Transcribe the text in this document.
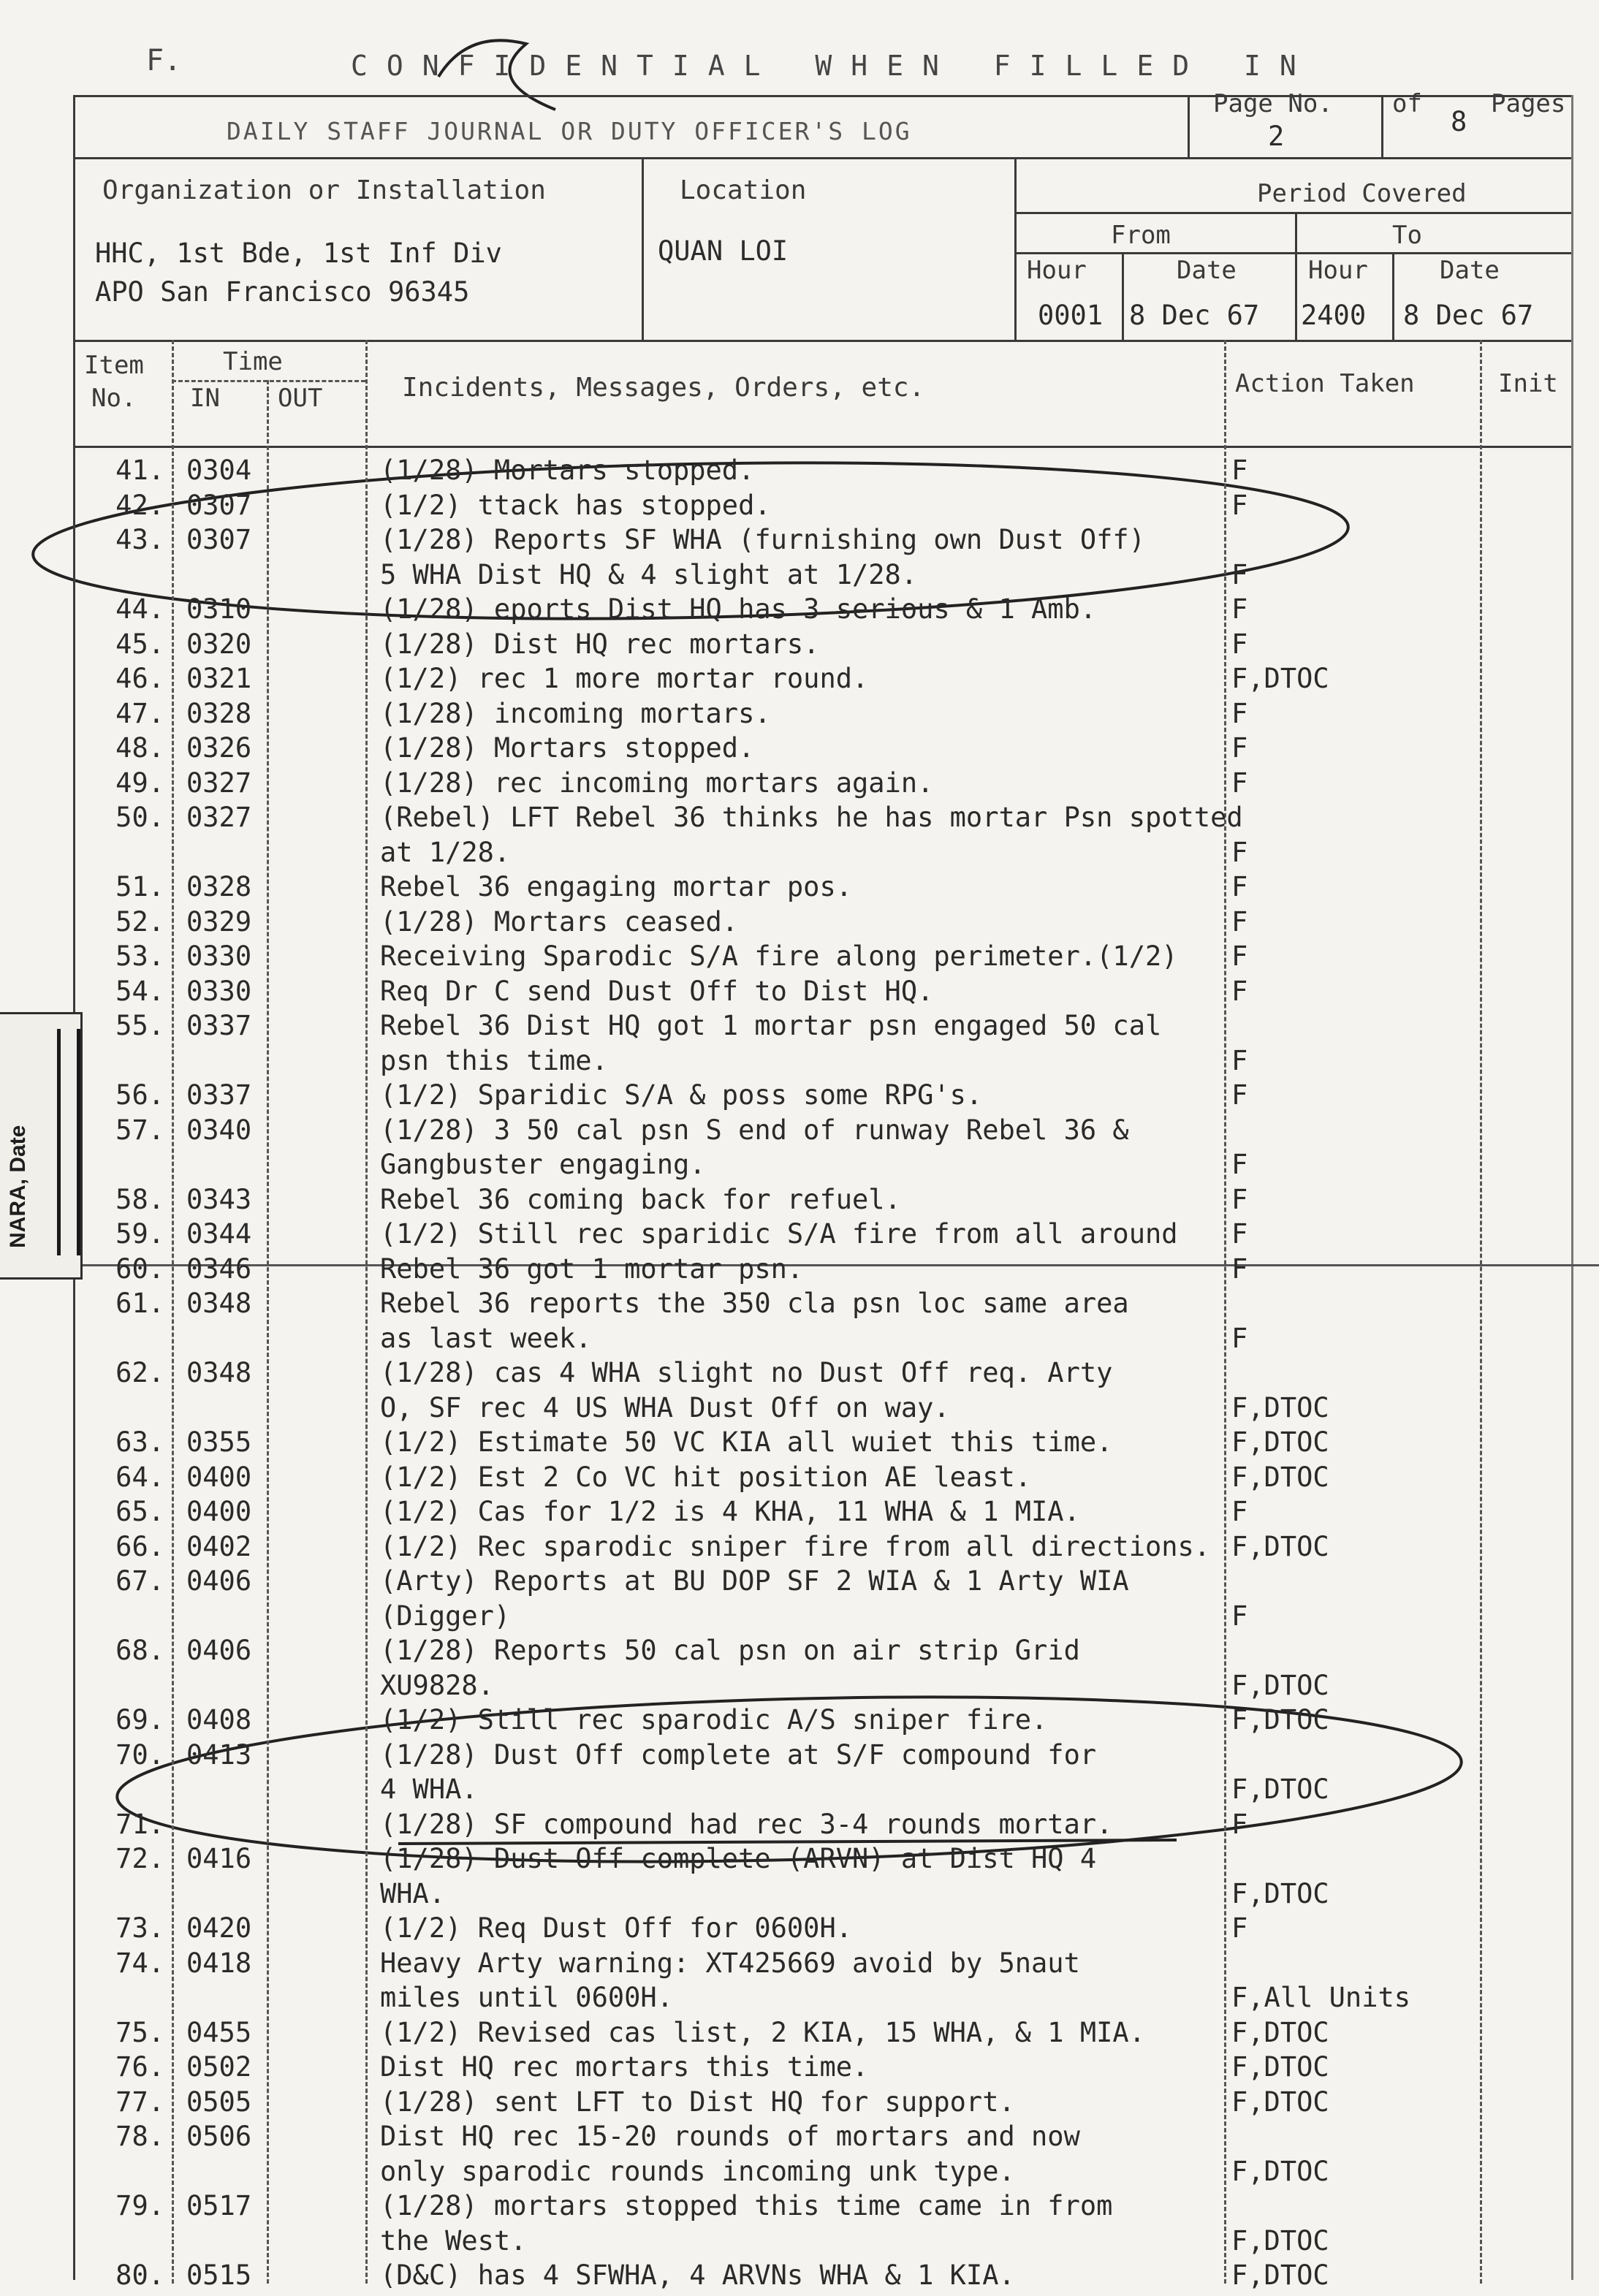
F.	CONFIDENTIAL WHEN FILLED IN
DAILY STAFF JOURNAL OR DUTY OFFICER'S LOG
Page No.
2
of
8
Pages
Organization or Installation
HHC, 1st Bde, 1st Inf Div
APO San Francisco 96345
Location
QUAN LOI
Period Covered
From	To
Hour	Date	Hour	Date
0001 8 Dec 67 2400 8 Dec 67
Item
No.
Time
IN OUT	Incidents, Messages, Orders, etc.	Action Taken	Init
41. 0304	(1/28) Mortars stopped.	F
42. 0307	(1/2) ttack has stopped.	F
43. 0307	(1/28) Reports SF WHA (furnishing own Dust Off)
5 WHA Dist HQ & 4 slight at 1/28.	F
44. 0310	(1/28) eports Dist HQ has 3 serious & 1 Amb.	F
45. 0320	(1/28) Dist HQ rec mortars.	F
46. 0321	(1/2) rec 1 more mortar round.	F,DTOC
47. 0328	(1/28) incoming mortars.	F
48. 0326	(1/28) Mortars stopped.	F
49. 0327	(1/28) rec incoming mortars again.	F
50. 0327	(Rebel) LFT Rebel 36 thinks he has mortar Psn spotted
at 1/28.	F
51. 0328	Rebel 36 engaging mortar pos.	F
52. 0329	(1/28) Mortars ceased.	F
53. 0330	Receiving Sparodic S/A fire along perimeter.(1/2) F
54. 0330	Req Dr C send Dust Off to Dist HQ.	F
55. 0337	Rebel 36 Dist HQ got 1 mortar psn engaged 50 cal
psn this time.	F
56. 0337	(1/2) Sparidic S/A & poss some RPG's.	F
57. 0340	(1/28) 3 50 cal psn S end of runway Rebel 36 &
Gangbuster engaging.	F
58. 0343	Rebel 36 coming back for refuel.	F
59. 0344	(1/2) Still rec sparidic S/A fire from all around F
60. 0346	Rebel 36 got 1 mortar psn.	F
61. 0348	Rebel 36 reports the 350 cla psn loc same area
as last week.	F
62. 0348	(1/28) cas 4 WHA slight no Dust Off req. Arty
O, SF rec 4 US WHA Dust Off on way.	F,DTOC
63. 0355	(1/2) Estimate 50 VC KIA all wuiet this time.	F,DTOC
64. 0400	(1/2) Est 2 Co VC hit position AE least.	F,DTOC
65. 0400	(1/2) Cas for 1/2 is 4 KHA, 11 WHA & 1 MIA.	F
66. 0402	(1/2) Rec sparodic sniper fire from all directions. F,DTOC
67. 0406	(Arty) Reports at BU DOP SF 2 WIA & 1 Arty WIA
(Digger)	F
68. 0406	(1/28) Reports 50 cal psn on air strip Grid
XU9828.	F,DTOC
69. 0408	(1/2) Still rec sparodic A/S sniper fire.	F,DTOC
70. 0413	(1/28) Dust Off complete at S/F compound for
4 WHA.	F,DTOC
71.	(1/28) SF compound had rec 3-4 rounds mortar.	F
72. 0416	(1/28) Dust Off complete (ARVN) at Dist HQ 4
WHA.	F,DTOC
73. 0420	(1/2) Req Dust Off for 0600H.	F
74. 0418	Heavy Arty warning: XT425669 avoid by 5naut
miles until 0600H.	F,All Units
75. 0455	(1/2) Revised cas list, 2 KIA, 15 WHA, & 1 MIA.	F,DTOC
76. 0502	Dist HQ rec mortars this time.	F,DTOC
77. 0505	(1/28) sent LFT to Dist HQ for support.	F,DTOC
78. 0506	Dist HQ rec 15-20 rounds of mortars and now
only sparodic rounds incoming unk type.	F,DTOC
79. 0517	(1/28) mortars stopped this time came in from
the West.	F,DTOC
80. 0515	(D&C) has 4 SFWHA, 4 ARVNs WHA & 1 KIA.	F,DTOC
NARA, Date
